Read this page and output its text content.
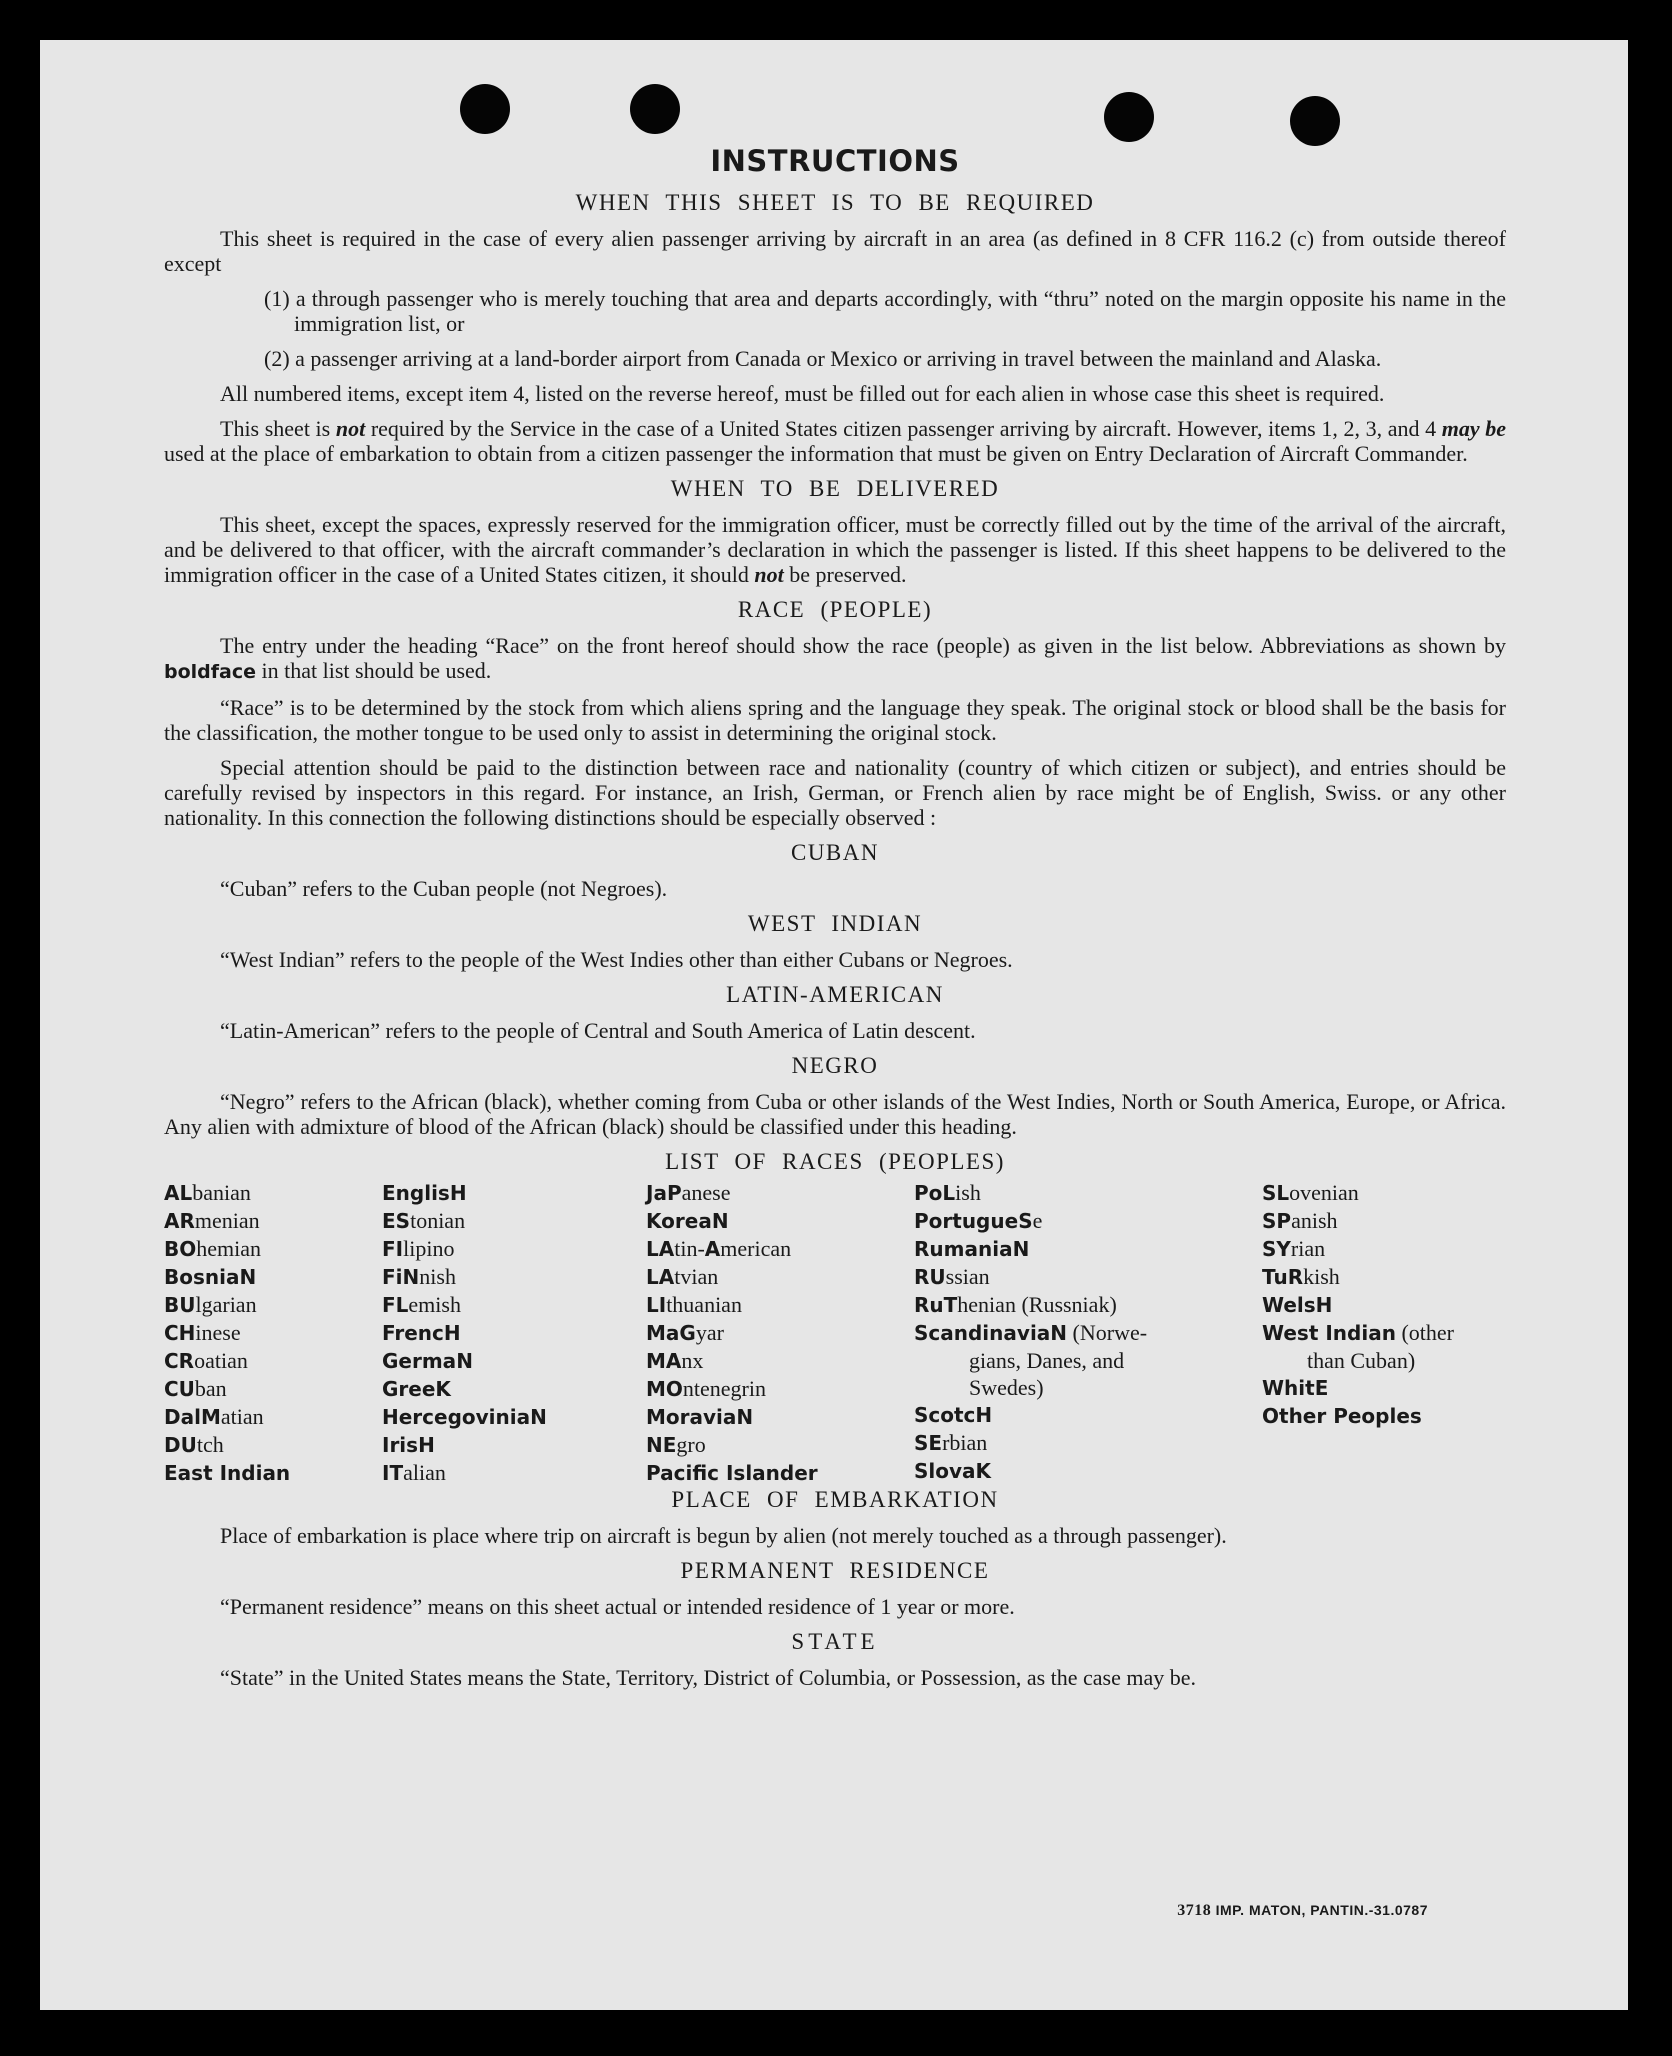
INSTRUCTIONS
WHEN THIS SHEET IS TO BE REQUIRED

This sheet is required in the case of every alien passenger arriving by aircraft in an area (as defined in 8 CFR 116.2 (c) from outside thereof except

(1) a through passenger who is merely touching that area and departs accordingly, with “thru” noted on the margin opposite his name in the immigration list, or

(2) a passenger arriving at a land-border airport from Canada or Mexico or arriving in travel between the mainland and Alaska.

All numbered items, except item 4, listed on the reverse hereof, must be filled out for each alien in whose case this sheet is required.

This sheet is not required by the Service in the case of a United States citizen passenger arriving by aircraft. However, items 1, 2, 3, and 4 may be used at the place of embarkation to obtain from a citizen passenger the information that must be given on Entry Declaration of Aircraft Commander.

WHEN TO BE DELIVERED

This sheet, except the spaces, expressly reserved for the immigration officer, must be correctly filled out by the time of the arrival of the aircraft, and be delivered to that officer, with the aircraft commander’s declaration in which the passenger is listed. If this sheet happens to be delivered to the immigration officer in the case of a United States citizen, it should not be preserved.

RACE (PEOPLE)

The entry under the heading “Race” on the front hereof should show the race (people) as given in the list below. Abbreviations as shown by boldface in that list should be used.

“Race” is to be determined by the stock from which aliens spring and the language they speak. The original stock or blood shall be the basis for the classification, the mother tongue to be used only to assist in determining the original stock.

Special attention should be paid to the distinction between race and nationality (country of which citizen or subject), and entries should be carefully revised by inspectors in this regard. For instance, an Irish, German, or French alien by race might be of English, Swiss. or any other nationality. In this connection the following distinctions should be especially observed :

CUBAN

“Cuban” refers to the Cuban people (not Negroes).

WEST INDIAN

“West Indian” refers to the people of the West Indies other than either Cubans or Negroes.

LATIN-AMERICAN

“Latin-American” refers to the people of Central and South America of Latin descent.

NEGRO

“Negro” refers to the African (black), whether coming from Cuba or other islands of the West Indies, North or South America, Europe, or Africa. Any alien with admixture of blood of the African (black) should be classified under this heading.

LIST OF RACES (PEOPLES)
ALbanian
ARmenian
BOhemian
BosniaN
BUlgarian
CHinese
CRoatian
CUban
DalMatian
DUtch
East Indian
EnglisH
EStonian
FIlipino
FiNnish
FLemish
FrencH
GermaN
GreeK
HercegoviniaN
IrisH
ITalian
JaPanese
KoreaN
LAtin-American
LAtvian
LIthuanian
MaGyar
MAnx
MOntenegrin
MoraviaN
NEgro
Pacific Islander
PoLish
PortugueSe
RumaniaN
RUssian
RuThenian (Russniak)
ScandinaviaN (Norwe-
gians, Danes, and
Swedes)
ScotcH
SErbian
SlovaK
SLovenian
SPanish
SYrian
TuRkish
WelsH
West Indian (other
than Cuban)
WhitE
Other Peoples
PLACE OF EMBARKATION

Place of embarkation is place where trip on aircraft is begun by alien (not merely touched as a through passenger).

PERMANENT RESIDENCE

“Permanent residence” means on this sheet actual or intended residence of 1 year or more.

STATE

“State” in the United States means the State, Territory, District of Columbia, or Possession, as the case may be.

3718 IMP. MATON, PANTIN.-31.0787
